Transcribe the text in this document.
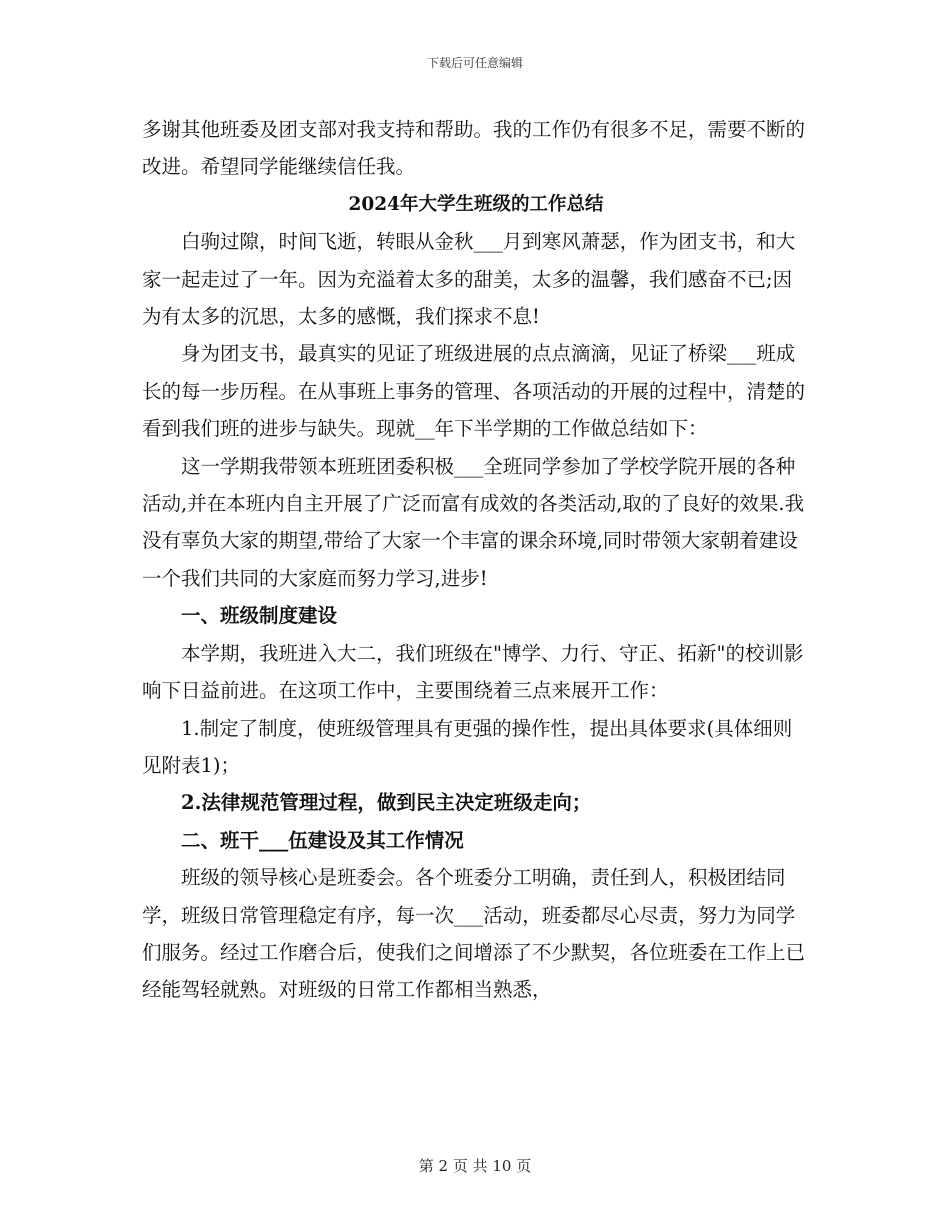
下载后可任意编辑

多谢其他班委及团支部对我支持和帮助。我的工作仍有很多不足，需要不断的改进。希望同学能继续信任我。

2024年大学生班级的工作总结

白驹过隙，时间飞逝，转眼从金秋___月到寒风萧瑟，作为团支书，和大家一起走过了一年。因为充溢着太多的甜美，太多的温馨，我们感奋不已;因为有太多的沉思，太多的感慨，我们探求不息!

身为团支书，最真实的见证了班级进展的点点滴滴，见证了桥梁___班成长的每一步历程。在从事班上事务的管理、各项活动的开展的过程中，清楚的看到我们班的进步与缺失。现就__年下半学期的工作做总结如下：

这一学期我带领本班班团委积极___全班同学参加了学校学院开展的各种活动,并在本班内自主开展了广泛而富有成效的各类活动,取的了良好的效果.我没有辜负大家的期望,带给了大家一个丰富的课余环境,同时带领大家朝着建设一个我们共同的大家庭而努力学习,进步!

一、班级制度建设

本学期，我班进入大二，我们班级在"博学、力行、守正、拓新"的校训影响下日益前进。在这项工作中，主要围绕着三点来展开工作：

1.制定了制度，使班级管理具有更强的操作性，提出具体要求(具体细则见附表1)；

2.法律规范管理过程，做到民主决定班级走向；

二、班干___伍建设及其工作情况

班级的领导核心是班委会。各个班委分工明确，责任到人，积极团结同学，班级日常管理稳定有序，每一次___活动，班委都尽心尽责，努力为同学们服务。经过工作磨合后，使我们之间增添了不少默契，各位班委在工作上已经能驾轻就熟。对班级的日常工作都相当熟悉，

第 2 页 共 10 页
